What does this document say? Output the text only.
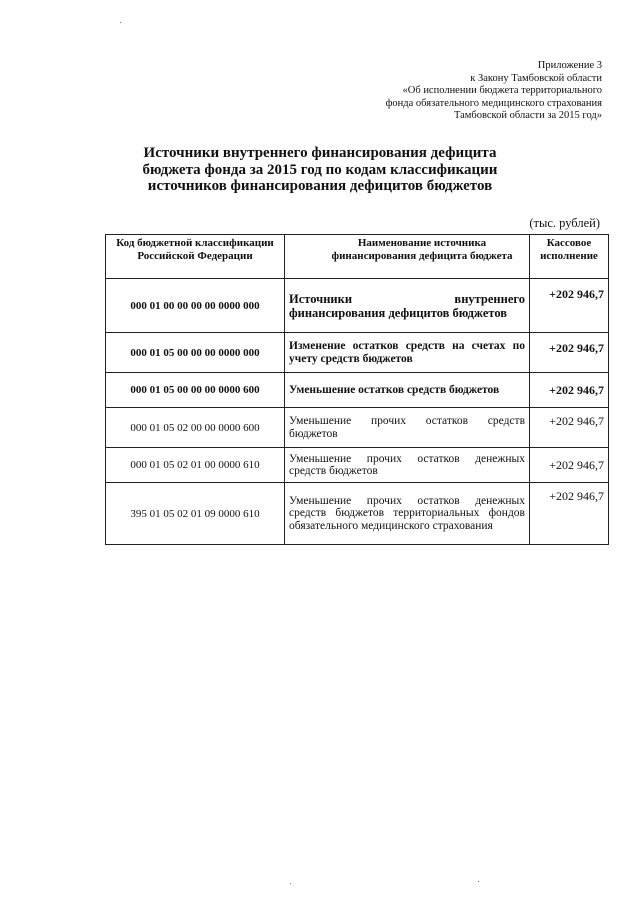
Приложение 3
к Закону Тамбовской области
«Об исполнении бюджета территориального
фонда обязательного медицинского страхования
Тамбовской области за 2015 год»
Источники внутреннего финансирования дефицита
бюджета фонда за 2015 год по кодам классификации
источников финансирования дефицитов бюджетов
(тыс. рублей)
Код бюджетной классификации Российской Федерации	Наименование источника финансирования дефицита бюджета	Кассовое исполнение
000 01 00 00 00 00 0000 000	Источники внутреннего финансирования дефицитов бюджетов	+202 946,7
000 01 05 00 00 00 0000 000	Изменение остатков средств на счетах по учету средств бюджетов	+202 946,7
000 01 05 00 00 00 0000 600	Уменьшение остатков средств бюджетов	+202 946,7
000 01 05 02 00 00 0000 600	Уменьшение прочих остатков средств бюджетов	+202 946,7
000 01 05 02 01 00 0000 610	Уменьшение прочих остатков денежных средств бюджетов	+202 946,7
395 01 05 02 01 09 0000 610	Уменьшение прочих остатков денежных средств бюджетов территориальных фондов обязательного медицинского страхования	+202 946,7
